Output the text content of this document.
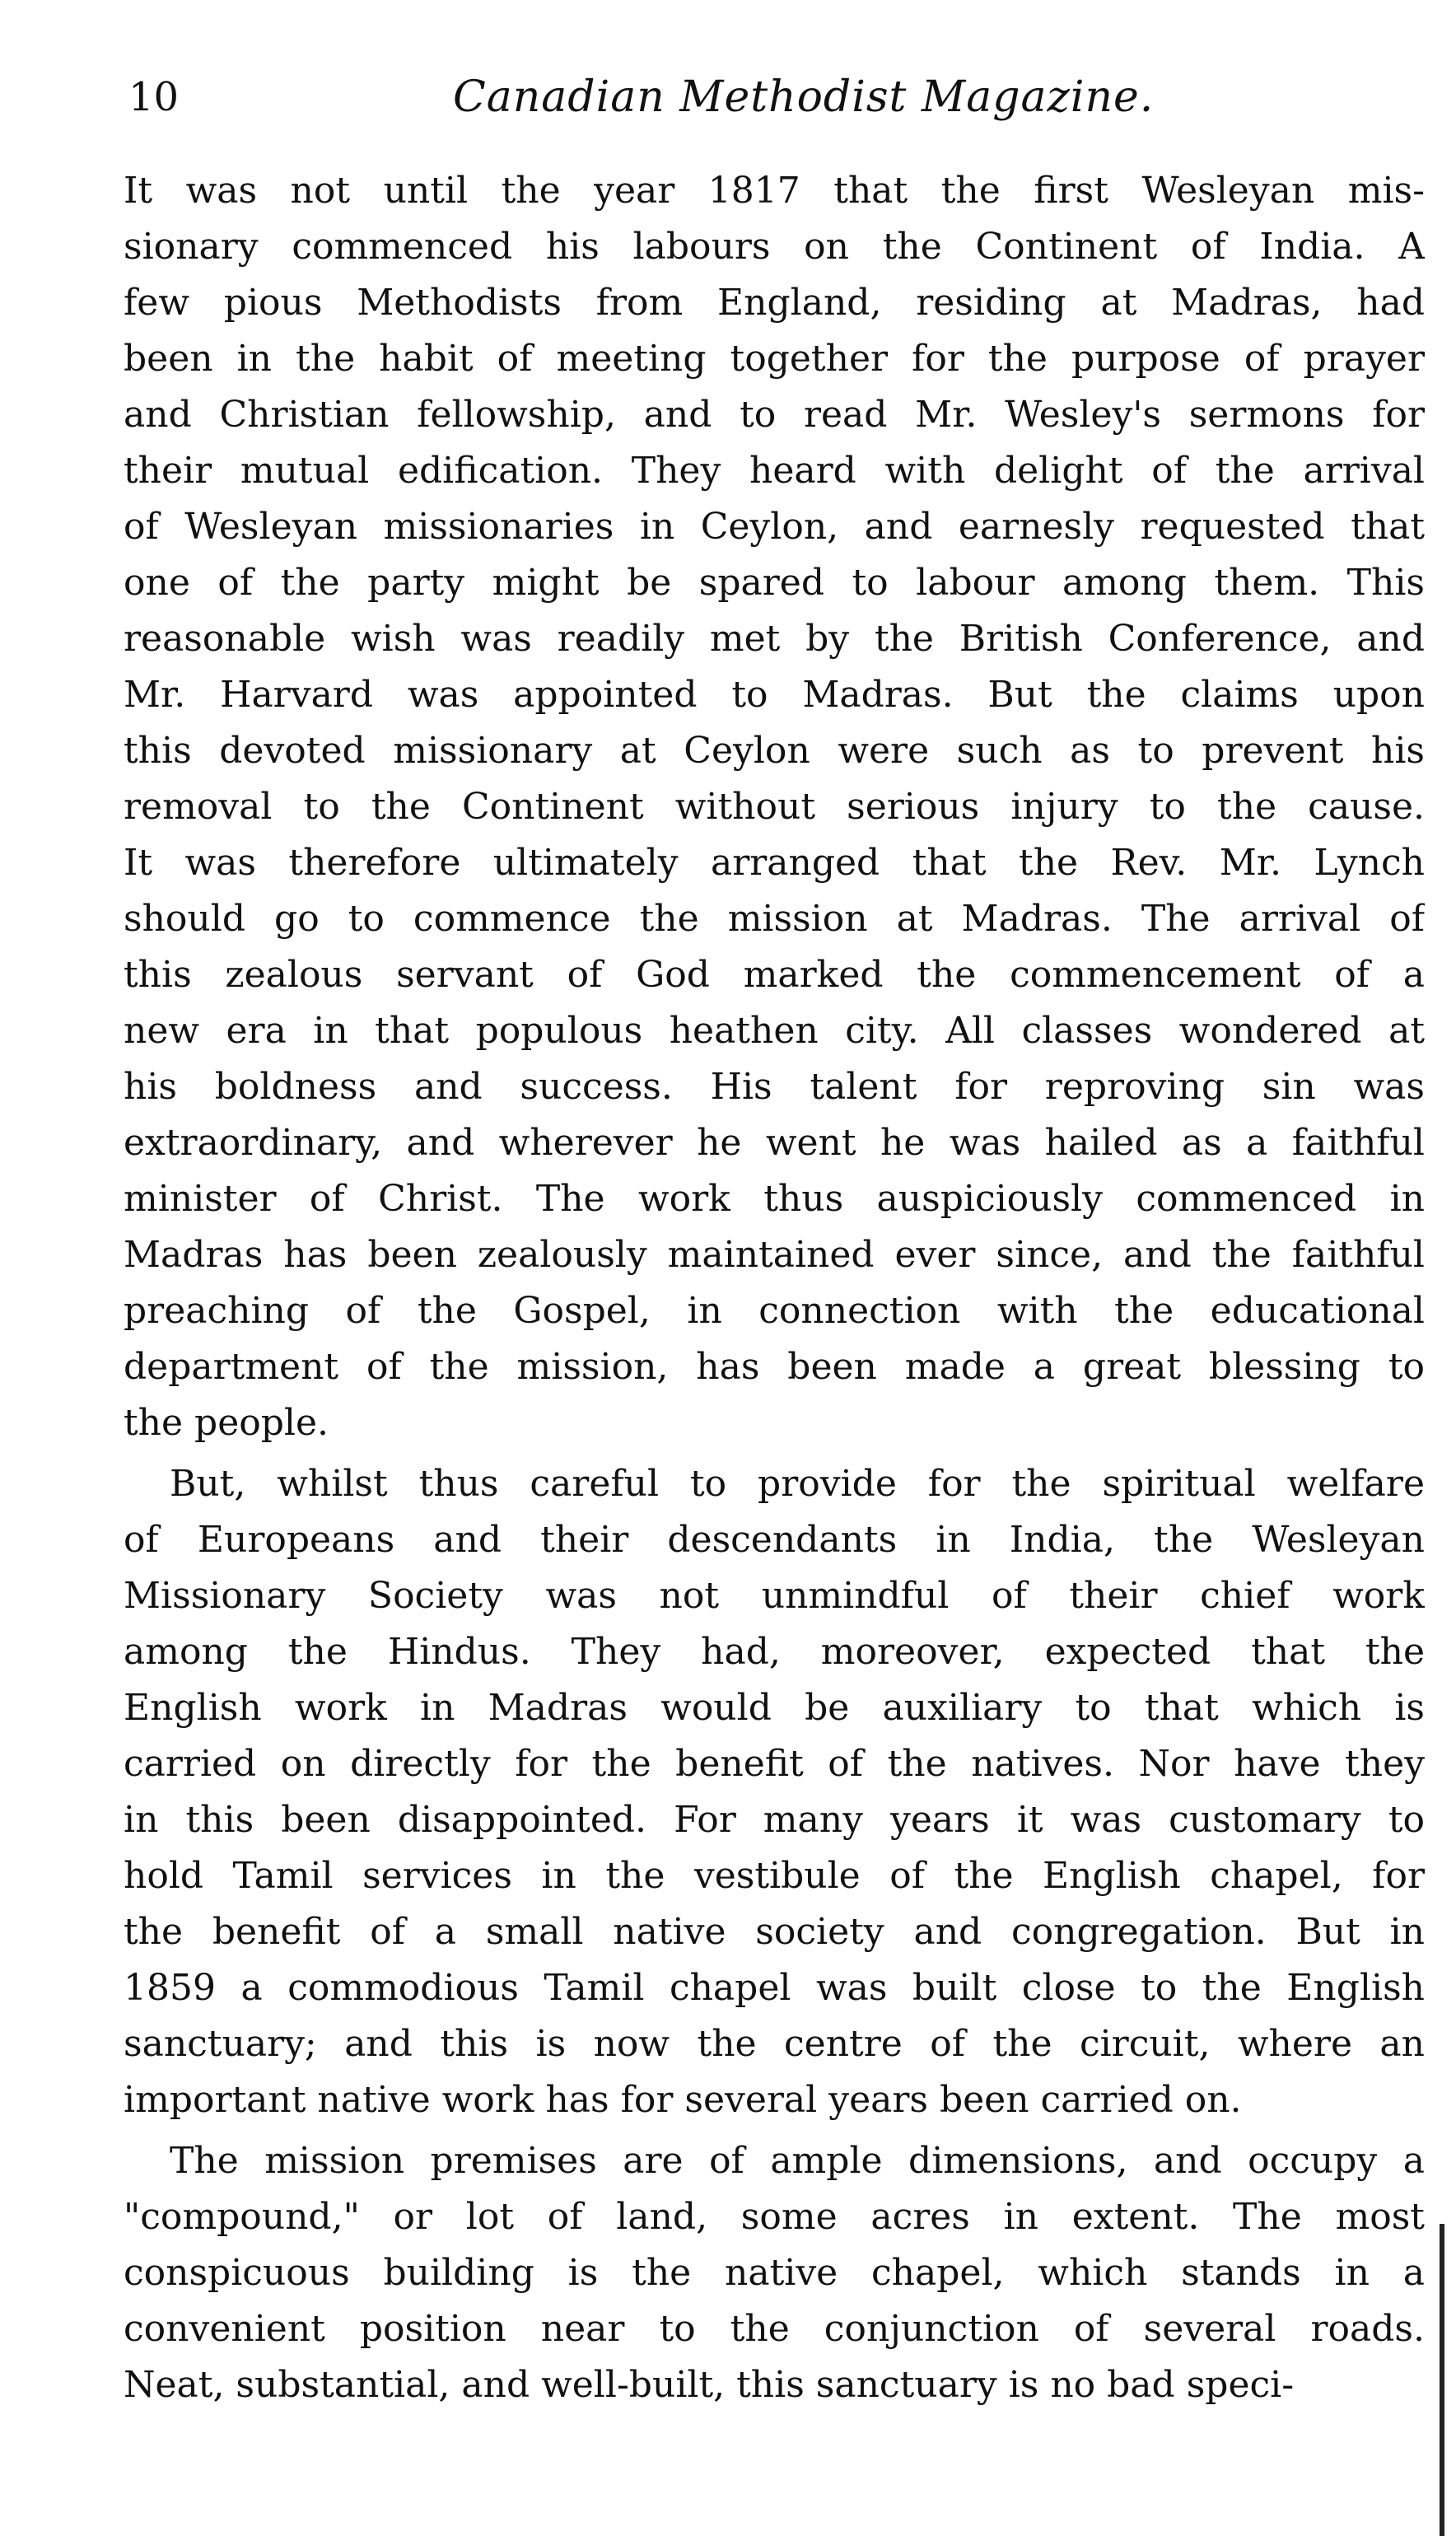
10	Canadian Methodist Magazine.
It was not until the year 1817 that the first Wesleyan mis-
sionary commenced his labours on the Continent of India. A
few pious Methodists from England, residing at Madras, had
been in the habit of meeting together for the purpose of prayer
and Christian fellowship, and to read Mr. Wesley's sermons for
their mutual edification. They heard with delight of the arrival
of Wesleyan missionaries in Ceylon, and earnesly requested that
one of the party might be spared to labour among them. This
reasonable wish was readily met by the British Conference, and
Mr. Harvard was appointed to Madras. But the claims upon
this devoted missionary at Ceylon were such as to prevent his
removal to the Continent without serious injury to the cause.
It was therefore ultimately arranged that the Rev. Mr. Lynch
should go to commence the mission at Madras. The arrival of
this zealous servant of God marked the commencement of a
new era in that populous heathen city. All classes wondered at
his boldness and success. His talent for reproving sin was
extraordinary, and wherever he went he was hailed as a faithful
minister of Christ. The work thus auspiciously commenced in
Madras has been zealously maintained ever since, and the faithful
preaching of the Gospel, in connection with the educational
department of the mission, has been made a great blessing to
the people.
But, whilst thus careful to provide for the spiritual welfare
of Europeans and their descendants in India, the Wesleyan
Missionary Society was not unmindful of their chief work
among the Hindus. They had, moreover, expected that the
English work in Madras would be auxiliary to that which is
carried on directly for the benefit of the natives. Nor have they
in this been disappointed. For many years it was customary to
hold Tamil services in the vestibule of the English chapel, for
the benefit of a small native society and congregation. But in
1859 a commodious Tamil chapel was built close to the English
sanctuary; and this is now the centre of the circuit, where an
important native work has for several years been carried on.
The mission premises are of ample dimensions, and occupy a
"compound," or lot of land, some acres in extent. The most
conspicuous building is the native chapel, which stands in a
convenient position near to the conjunction of several roads.
Neat, substantial, and well-built, this sanctuary is no bad speci-
